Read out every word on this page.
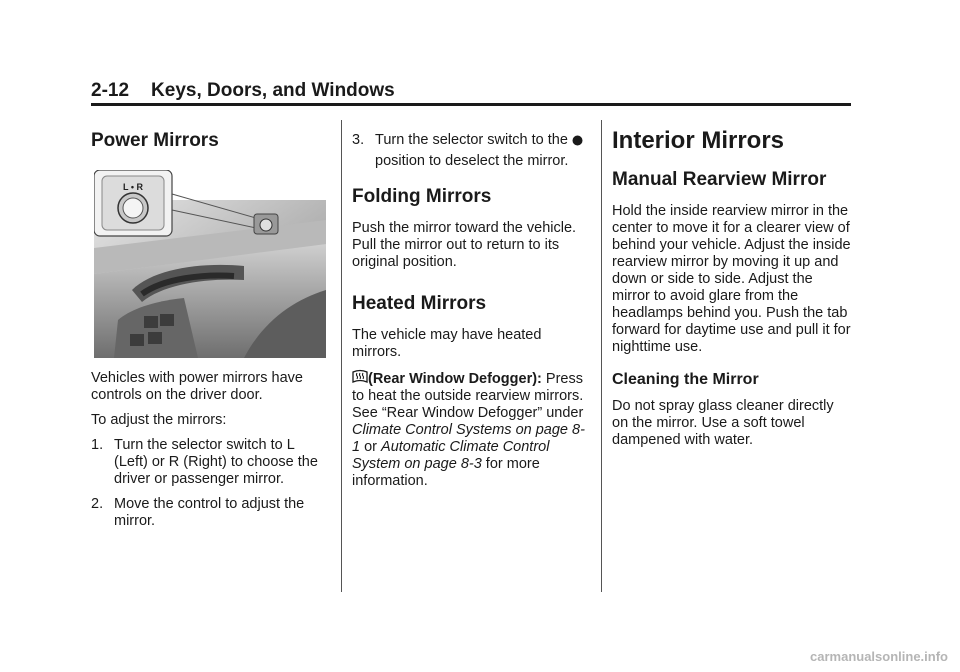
2-12 Keys, Doors, and Windows
Power Mirrors
L • R

Vehicles with power mirrors have controls on the driver door.

To adjust the mirrors:

1. Turn the selector switch to L (Left) or R (Right) to choose the driver or passenger mirror.
2. Move the control to adjust the mirror.
3. Turn the selector switch to the  position to deselect the mirror.
Folding Mirrors

Push the mirror toward the vehicle. Pull the mirror out to return to its original position.

Heated Mirrors

The vehicle may have heated mirrors.

(Rear Window Defogger): Press to heat the outside rearview mirrors. See “Rear Window Defogger” under Climate Control Systems on page 8-1 or Automatic Climate Control System on page 8-3 for more information.

Interior Mirrors
Manual Rearview Mirror

Hold the inside rearview mirror in the center to move it for a clearer view of behind your vehicle. Adjust the inside rearview mirror by moving it up and down or side to side. Adjust the mirror to avoid glare from the headlamps behind you. Push the tab forward for daytime use and pull it for nighttime use.

Cleaning the Mirror

Do not spray glass cleaner directly on the mirror. Use a soft towel dampened with water.

carmanualsonline.info
